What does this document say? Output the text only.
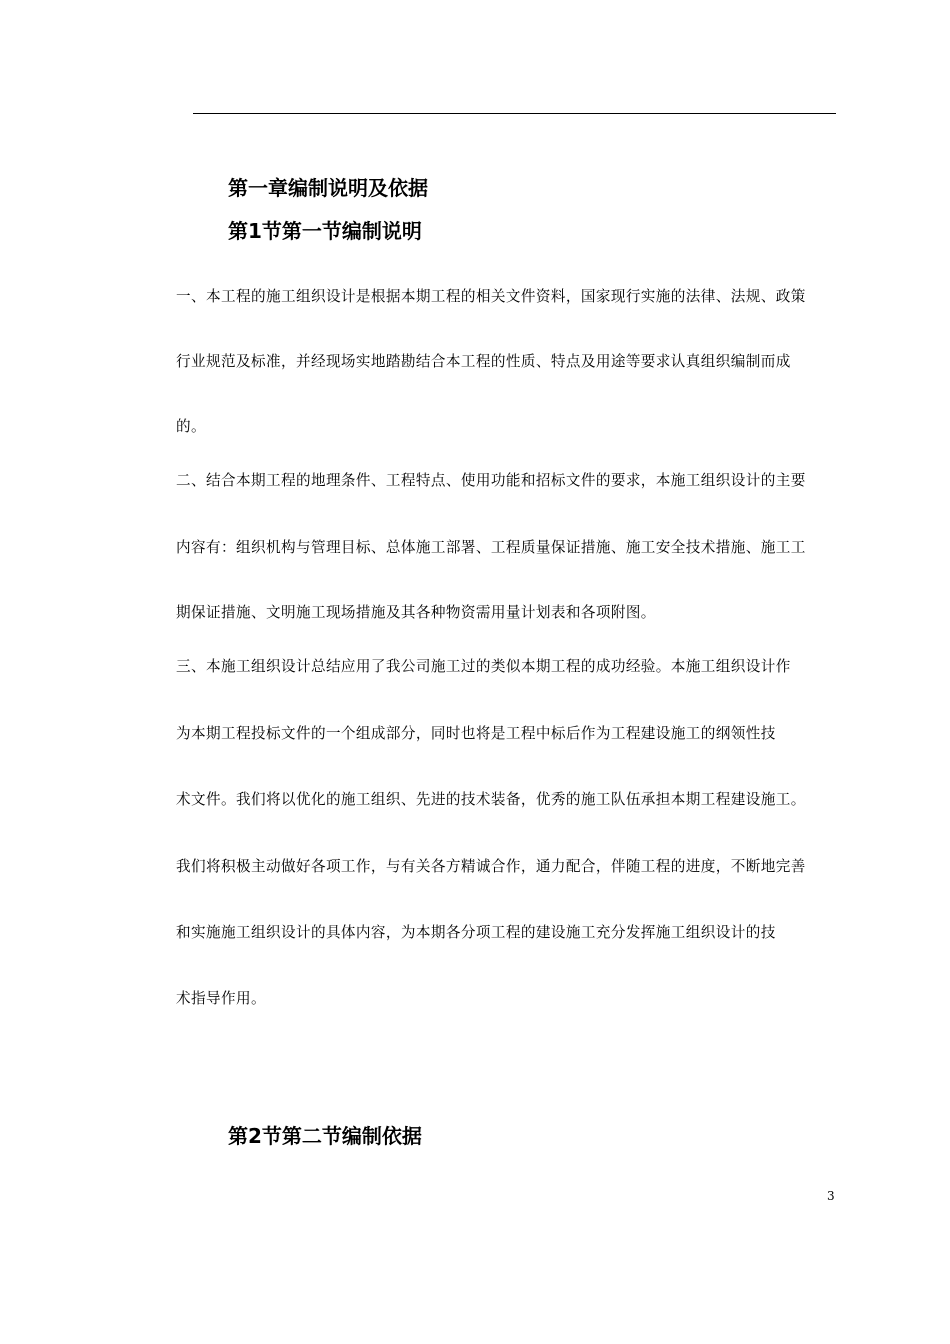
第一章编制说明及依据
第1节第一节编制说明
一、本工程的施工组织设计是根据本期工程的相关文件资料，国家现行实施的法律、法规、政策
行业规范及标准，并经现场实地踏勘结合本工程的性质、特点及用途等要求认真组织编制而成
的。
二、结合本期工程的地理条件、工程特点、使用功能和招标文件的要求，本施工组织设计的主要
内容有：组织机构与管理目标、总体施工部署、工程质量保证措施、施工安全技术措施、施工工
期保证措施、文明施工现场措施及其各种物资需用量计划表和各项附图。
三、本施工组织设计总结应用了我公司施工过的类似本期工程的成功经验。本施工组织设计作
为本期工程投标文件的一个组成部分，同时也将是工程中标后作为工程建设施工的纲领性技
术文件。我们将以优化的施工组织、先进的技术装备，优秀的施工队伍承担本期工程建设施工。
我们将积极主动做好各项工作，与有关各方精诚合作，通力配合，伴随工程的进度，不断地完善
和实施施工组织设计的具体内容，为本期各分项工程的建设施工充分发挥施工组织设计的技
术指导作用。
第2节第二节编制依据
3
